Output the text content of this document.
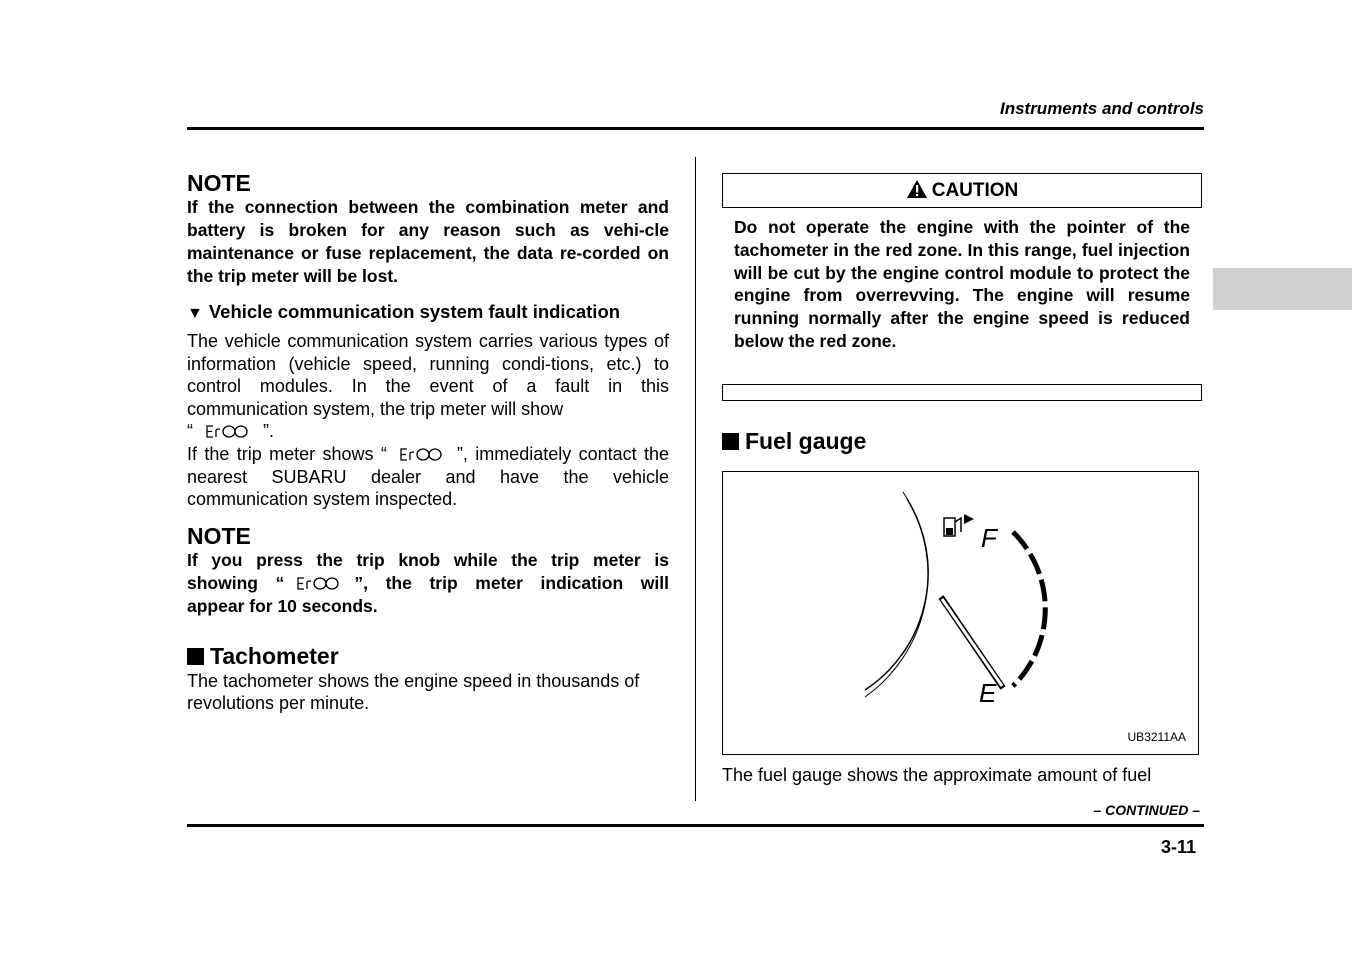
Instruments and controls
NOTE
If the connection between the combination meter and battery is broken for any reason such as vehi-cle maintenance or fuse replacement, the data re-corded on the trip meter will be lost.
▼ Vehicle communication system fault indication
The vehicle communication system carries various types of information (vehicle speed, running condi-tions, etc.) to control modules. In the event of a fault in this communication system, the trip meter will show
“	”.
If the trip meter shows “	”, immediately contact the nearest SUBARU dealer and have the vehicle communication system inspected.
NOTE
If you press the trip knob while the trip meter is
showing “	”, the trip meter indication will
appear for 10 seconds.
Tachometer
The tachometer shows the engine speed in thousands of revolutions per minute.
CAUTION
Do not operate the engine with the pointer of the tachometer in the red zone. In this range, fuel injection will be cut by the engine control module to protect the engine from overrevving. The engine will resume running normally after the engine speed is reduced below the red zone.
Fuel gauge
F
E
UB3211AA
The fuel gauge shows the approximate amount of fuel
– CONTINUED –
3-11
